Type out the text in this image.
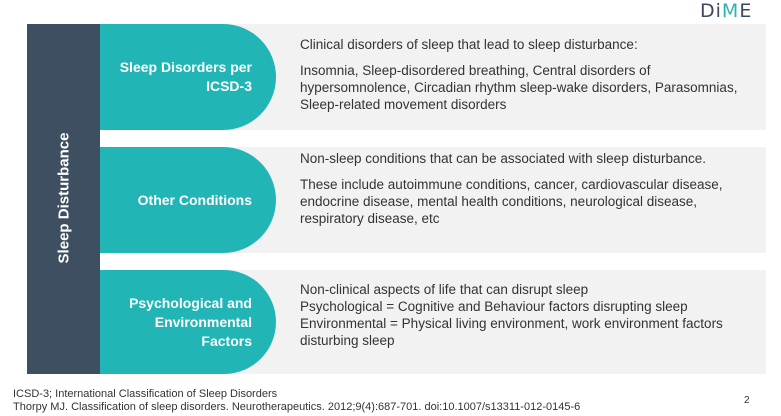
DiME
Sleep Disturbance
Sleep Disorders per
ICSD-3

Clinical disorders of sleep that lead to sleep disturbance:

Insomnia, Sleep-disordered breathing, Central disorders of hypersomnolence, Circadian rhythm sleep-wake disorders, Parasomnias, Sleep-related movement disorders

Other Conditions

Non-sleep conditions that can be associated with sleep disturbance.

These include autoimmune conditions, cancer, cardiovascular disease, endocrine disease, mental health conditions, neurological disease, respiratory disease, etc

Psychological and
Environmental
Factors

Non-clinical aspects of life that can disrupt sleep

Psychological = Cognitive and Behaviour factors disrupting sleep

Environmental = Physical living environment, work environment factors disturbing sleep

ICSD-3; International Classification of Sleep Disorders
Thorpy MJ. Classification of sleep disorders. Neurotherapeutics. 2012;9(4):687-701. doi:10.1007/s13311-012-0145-6
2
